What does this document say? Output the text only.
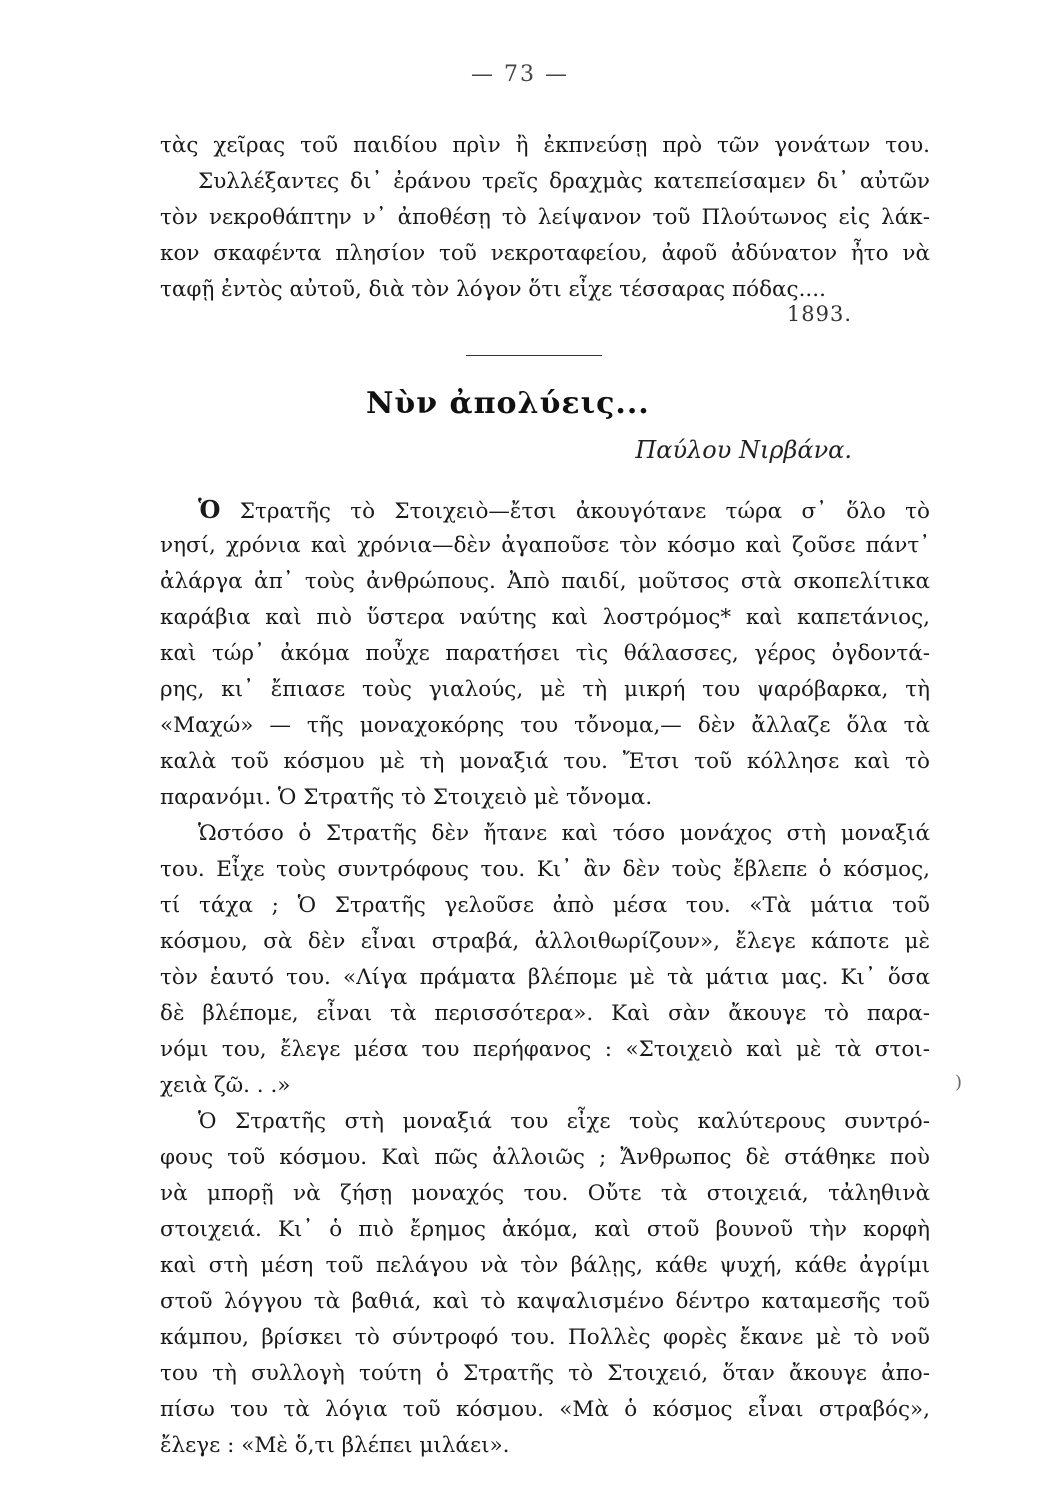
— 73 —
τὰς χεῖρας τοῦ παιδίου πρὶν ἢ ἐκπνεύσῃ πρὸ τῶν γονάτων του.
Συλλέξαντες δι᾿ ἐράνου τρεῖς δραχμὰς κατεπείσαμεν δι᾿ αὐτῶν
τὸν νεκροθάπτην ν᾿ ἀποθέσῃ τὸ λείψανον τοῦ Πλούτωνος εἰς λάκ-
κον σκαφέντα πλησίον τοῦ νεκροταφείου, ἀφοῦ ἀδύνατον ἦτο νὰ
ταφῇ ἐντὸς αὐτοῦ, διὰ τὸν λόγον ὅτι εἶχε τέσσαρας πόδας....
1893.
Νὺν ἀπολύεις...
Παύλου Νιρβάνα.
Ὁ Στρατῆς τὸ Στοιχειὸ—ἔτσι ἀκουγότανε τώρα σ᾿ ὅλο τὸ
νησί, χρόνια καὶ χρόνια—δὲν ἀγαποῦσε τὸν κόσμο καὶ ζοῦσε πάντ᾿
ἀλάργα ἀπ᾿ τοὺς ἀνθρώπους. Ἀπὸ παιδί, μοῦτσος στὰ σκοπελίτικα
καράβια καὶ πιὸ ὕστερα ναύτης καὶ λοστρόμος* καὶ καπετάνιος,
καὶ τώρ᾿ ἀκόμα ποὖχε παρατήσει τὶς θάλασσες, γέρος ὀγδοντά-
ρης, κι᾿ ἔπιασε τοὺς γιαλούς, μὲ τὴ μικρή του ψαρόβαρκα, τὴ
«Μαχώ» — τῆς μοναχοκόρης του τὄνομα,— δὲν ἄλλαζε ὅλα τὰ
καλὰ τοῦ κόσμου μὲ τὴ μοναξιά του. Ἔτσι τοῦ κόλλησε καὶ τὸ
παρανόμι. Ὁ Στρατῆς τὸ Στοιχειὸ μὲ τὄνομα.
Ὡστόσο ὁ Στρατῆς δὲν ἤτανε καὶ τόσο μονάχος στὴ μοναξιά
του. Εἶχε τοὺς συντρόφους του. Κι᾿ ἂν δὲν τοὺς ἔβλεπε ὁ κόσμος,
τί τάχα ; Ὁ Στρατῆς γελοῦσε ἀπὸ μέσα του. «Τὰ μάτια τοῦ
κόσμου, σὰ δὲν εἶναι στραβά, ἀλλοιθωρίζουν», ἔλεγε κάποτε μὲ
τὸν ἑαυτό του. «Λίγα πράματα βλέπομε μὲ τὰ μάτια μας. Κι᾿ ὅσα
δὲ βλέπομε, εἶναι τὰ περισσότερα». Καὶ σὰν ἄκουγε τὸ παρα-
νόμι του, ἔλεγε μέσα του περήφανος : «Στοιχειὸ καὶ μὲ τὰ στοι-
χειὰ ζῶ. . .»
Ὁ Στρατῆς στὴ μοναξιά του εἶχε τοὺς καλύτερους συντρό-
φους τοῦ κόσμου. Καὶ πῶς ἀλλοιῶς ; Ἄνθρωπος δὲ στάθηκε ποὺ
νὰ μπορῇ νὰ ζήσῃ μοναχός του. Οὔτε τὰ στοιχειά, τἀληθινὰ
στοιχειά. Κι᾿ ὁ πιὸ ἔρημος ἀκόμα, καὶ στοῦ βουνοῦ τὴν κορφὴ
καὶ στὴ μέση τοῦ πελάγου νὰ τὸν βάλῃς, κάθε ψυχή, κάθε ἀγρίμι
στοῦ λόγγου τὰ βαθιά, καὶ τὸ καψαλισμένο δέντρο καταμεσῆς τοῦ
κάμπου, βρίσκει τὸ σύντροφό του. Πολλὲς φορὲς ἔκανε μὲ τὸ νοῦ
του τὴ συλλογὴ τούτη ὁ Στρατῆς τὸ Στοιχειό, ὅταν ἄκουγε ἀπο-
πίσω του τὰ λόγια τοῦ κόσμου. «Μὰ ὁ κόσμος εἶναι στραβός»,
ἔλεγε : «Μὲ ὅ,τι βλέπει μιλάει».
)
